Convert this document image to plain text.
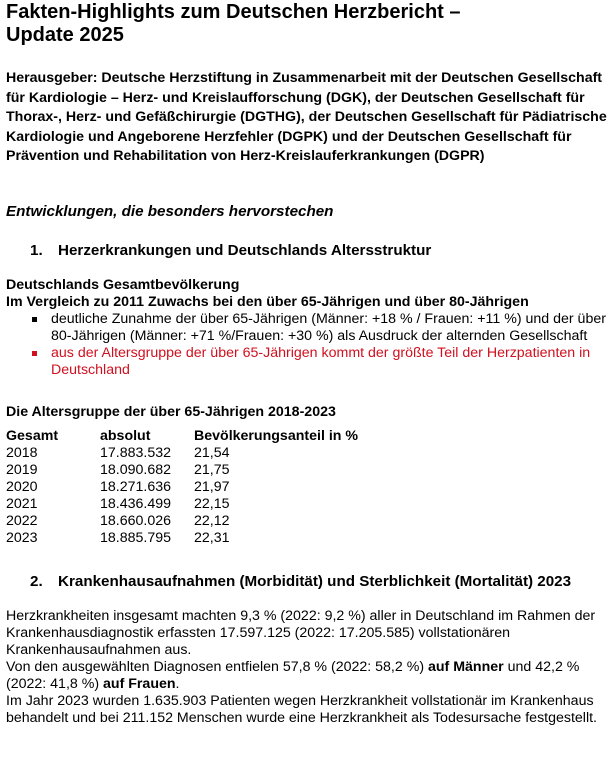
Fakten-Highlights zum Deutschen Herzbericht –
Update 2025

Herausgeber: Deutsche Herzstiftung in Zusammenarbeit mit der Deutschen Gesellschaft für Kardiologie – Herz- und Kreislaufforschung (DGK), der Deutschen Gesellschaft für Thorax-, Herz- und Gefäßchirurgie (DGTHG), der Deutschen Gesellschaft für Pädiatrische Kardiologie und Angeborene Herzfehler (DGPK) und der Deutschen Gesellschaft für Prävention und Rehabilitation von Herz-Kreislauferkrankungen (DGPR)

Entwicklungen, die besonders hervorstechen

1.	Herzerkrankungen und Deutschlands Altersstruktur

Deutschlands Gesamtbevölkerung

Im Vergleich zu 2011 Zuwachs bei den über 65-Jährigen und über 80-Jährigen

deutliche Zunahme der über 65-Jährigen (Männer: +18 % / Frauen: +11 %) und der über 80-Jährigen (Männer: +71 %/Frauen: +30 %) als Ausdruck der alternden Gesellschaft
aus der Altersgruppe der über 65-Jährigen kommt der größte Teil der Herzpatienten in Deutschland

Die Altersgruppe der über 65-Jährigen 2018-2023

Gesamt	absolut	Bevölkerungsanteil in %
2018	17.883.532	21,54
2019	18.090.682	21,75
2020	18.271.636	21,97
2021	18.436.499	22,15
2022	18.660.026	22,12
2023	18.885.795	22,31
2.	Krankenhausaufnahmen (Morbidität) und Sterblichkeit (Mortalität) 2023

Herzkrankheiten insgesamt machten 9,3 % (2022: 9,2 %) aller in Deutschland im Rahmen der Krankenhausdiagnostik erfassten 17.597.125 (2022: 17.205.585) vollstationären Krankenhausaufnahmen aus.

Von den ausgewählten Diagnosen entfielen 57,8 % (2022: 58,2 %) auf Männer und 42,2 % (2022: 41,8 %) auf Frauen.

Im Jahr 2023 wurden 1.635.903 Patienten wegen Herzkrankheit vollstationär im Krankenhaus behandelt und bei 211.152 Menschen wurde eine Herzkrankheit als Todesursache festgestellt.
